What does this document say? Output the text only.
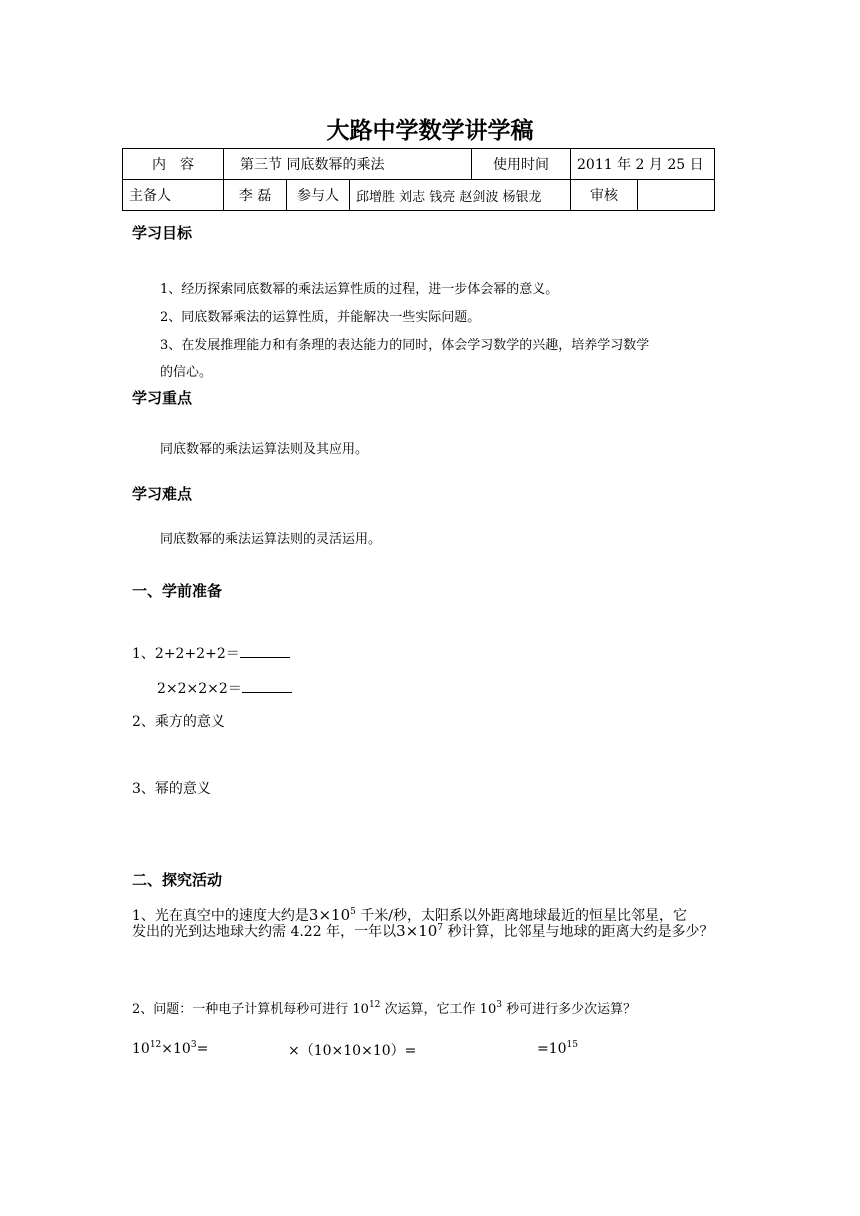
大路中学数学讲学稿
内　容	第三节 同底数幂的乘法			使用时间	2011 年 2 月 25 日	
主备人	李 磊	参与人	邱增胜 刘志 钱亮 赵剑波 杨银龙		审核	
学习目标
1、经历探索同底数幂的乘法运算性质的过程，进一步体会幂的意义。
2、同底数幂乘法的运算性质，并能解决一些实际问题。
3、在发展推理能力和有条理的表达能力的同时，体会学习数学的兴趣，培养学习数学
的信心。
学习重点
同底数幂的乘法运算法则及其应用。
学习难点
同底数幂的乘法运算法则的灵活运用。
一、学前准备
1、2+2+2+2＝
2×2×2×2＝
2、乘方的意义
3、幂的意义
二、探究活动
1、光在真空中的速度大约是$3\times 10^5$ 千米/秒，太阳系以外距离地球最近的恒星比邻星，它
发出的光到达地球大约需 4.22 年，一年以$3\times 10^7$ 秒计算，比邻星与地球的距离大约是多少？
2、问题：一种电子计算机每秒可进行 $10^{12}$ 次运算，它工作 $10^3$ 秒可进行多少次运算？
$10^{12}\times 10^3=$	×（10×10×10）=	$=10^{15}$
